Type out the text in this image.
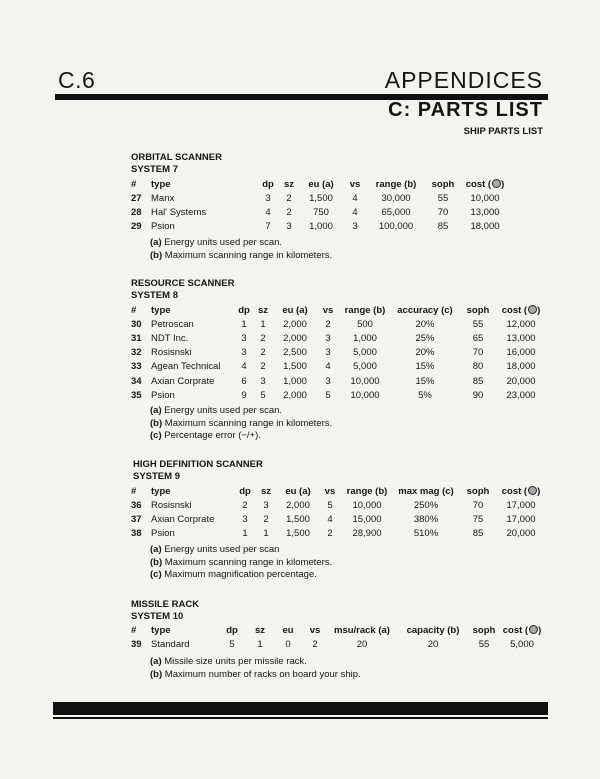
C.6	APPENDICES
C: PARTS LIST
SHIP PARTS LIST
ORBITAL SCANNER
SYSTEM 7
#	type	dp	sz	eu (a)	vs	range (b)	soph	cost ( )
27	Manx	3	2	1,500	4	30,000	55	10,000
28	Hal' Systems	4	2	750	4	65,000	70	13,000
29	Psion	7	3	1,000	3	100,000	85	18,000
(a) Energy units used per scan.
(b) Maximum scanning range in kilometers.
RESOURCE SCANNER
SYSTEM 8
#	type	dp	sz	eu (a)	vs	range (b)	accuracy (c)	soph	cost ( )
30	Petroscan	1	1	2,000	2	500	20%	55	12,000
31	NDT Inc.	3	2	2,000	3	1,000	25%	65	13,000
32	Rosisnski	3	2	2,500	3	5,000	20%	70	16,000
33	Agean Technical	4	2	1,500	4	5,000	15%	80	18,000
34	Axian Corprate	6	3	1,000	3	10,000	15%	85	20,000
35	Psion	9	5	2,000	5	10,000	5%	90	23,000
(a) Energy units used per scan.
(b) Maximum scanning range in kilometers.
(c) Percentage error (−/+).
HIGH DEFINITION SCANNER
SYSTEM 9
#	type	dp	sz	eu (a)	vs	range (b)	max mag (c)	soph	cost ( )
36	Rosisnski	2	3	2,000	5	10,000	250%	70	17,000
37	Axian Corprate	3	2	1,500	4	15,000	380%	75	17,000
38	Psion	1	1	1,500	2	28,900	510%	85	20,000
(a) Energy units used per scan
(b) Maximum scanning range in kilometers.
(c) Maximum magnification percentage.
MISSILE RACK
SYSTEM 10
#	type	dp	sz	eu	vs	msu/rack (a)	capacity (b)	soph	cost ( )
39	Standard	5	1	0	2	20	20	55	5,000
(a) Missile size units per missile rack.
(b) Maximum number of racks on board your ship.
